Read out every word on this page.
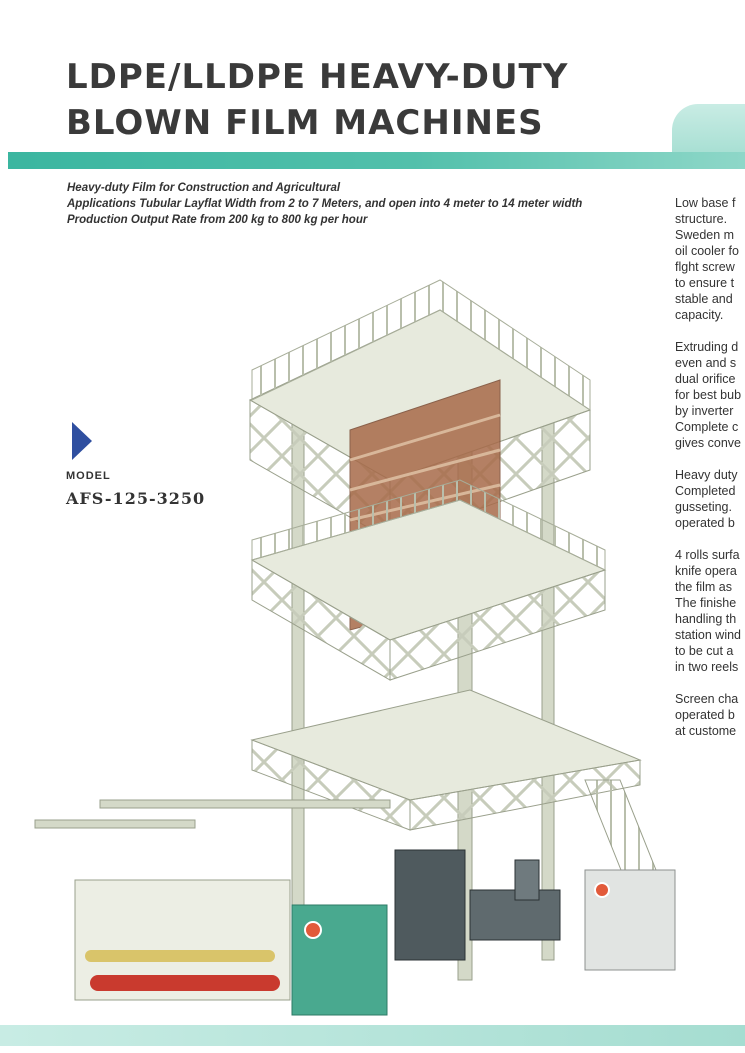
LDPE/LLDPE HEAVY-DUTY
BLOWN FILM MACHINES
Heavy-duty Film for Construction and Agricultural
Applications Tubular Layflat Width from 2 to 7 Meters, and open into 4 meter to 14 meter width
Production Output Rate from 200 kg to 800 kg per hour

Low base f
structure.
Sweden m
oil cooler fo
flght screw
to ensure t
stable and
capacity.

Extruding d
even and s
dual orifice
for best bub
by inverter
Complete c
gives conve

Heavy duty
Completed
gusseting.
operated b

4 rolls surfa
knife opera
the film as
The finishe
handling th
station wind
to be cut a
in two reels

Screen cha
operated b
at custome

MODEL
AFS-125-3250
